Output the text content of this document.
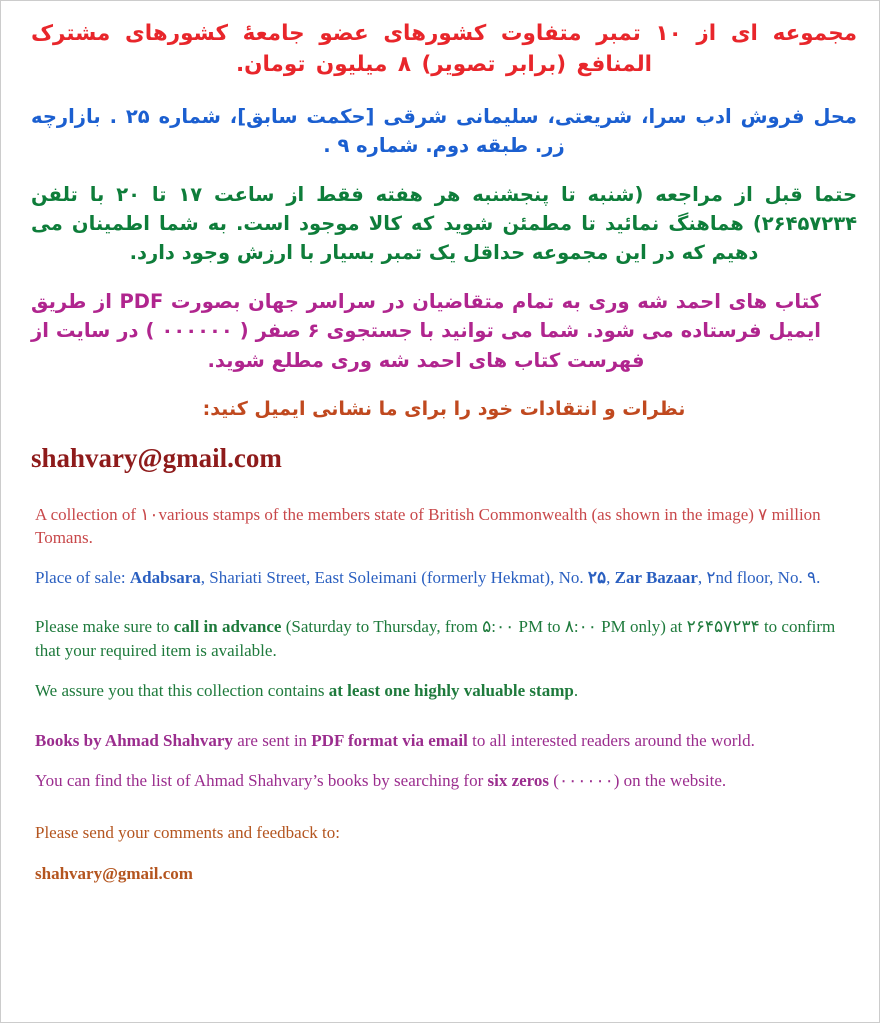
مجموعه ای از ۱۰ تمبر متفاوت کشورهای عضو جامعهٔ کشورهای مشترک المنافع (برابر تصویر) ۸ میلیون تومان.

محل فروش ادب سرا، شریعتی، سلیمانی شرقی [حکمت سابق]، شماره ۲۵ . بازارچه زر. طبقه دوم. شماره ۹ .

حتما قبل از مراجعه (شنبه تا پنجشنبه هر هفته فقط از ساعت ۱۷ تا ۲۰ با تلفن ۲۶۴۵۷۲۳۴) هماهنگ نمائید تا مطمئن شوید که کالا موجود است. به شما اطمینان می دهیم که در این مجموعه حداقل یک تمبر بسیار با ارزش وجود دارد.

کتاب های احمد شه وری به تمام متقاضیان در سراسر جهان بصورت PDF از طریق ایمیل فرستاده می شود. شما می توانید با جستجوی ۶ صفر ( ۰۰۰۰۰۰ ) در سایت از فهرست کتاب های احمد شه وری مطلع شوید.

نظرات و انتقادات خود را برای ما نشانی ایمیل کنید:

shahvary@gmail.com

A collection of ۱۰various stamps of the members state of British Commonwealth (as shown in the image) ۷ million Tomans.

Place of sale: Adabsara, Shariati Street, East Soleimani (formerly Hekmat), No. ۲۵, Zar Bazaar, ۲nd floor, No. ۹.

Please make sure to call in advance (Saturday to Thursday, from ۵:۰۰ PM to ۸:۰۰ PM only) at ۲۶۴۵۷۲۳۴ to confirm that your required item is available.

We assure you that this collection contains at least one highly valuable stamp.

Books by Ahmad Shahvary are sent in PDF format via email to all interested readers around the world.

You can find the list of Ahmad Shahvary’s books by searching for six zeros (۰۰۰۰۰۰) on the website.

Please send your comments and feedback to:

shahvary@gmail.com
